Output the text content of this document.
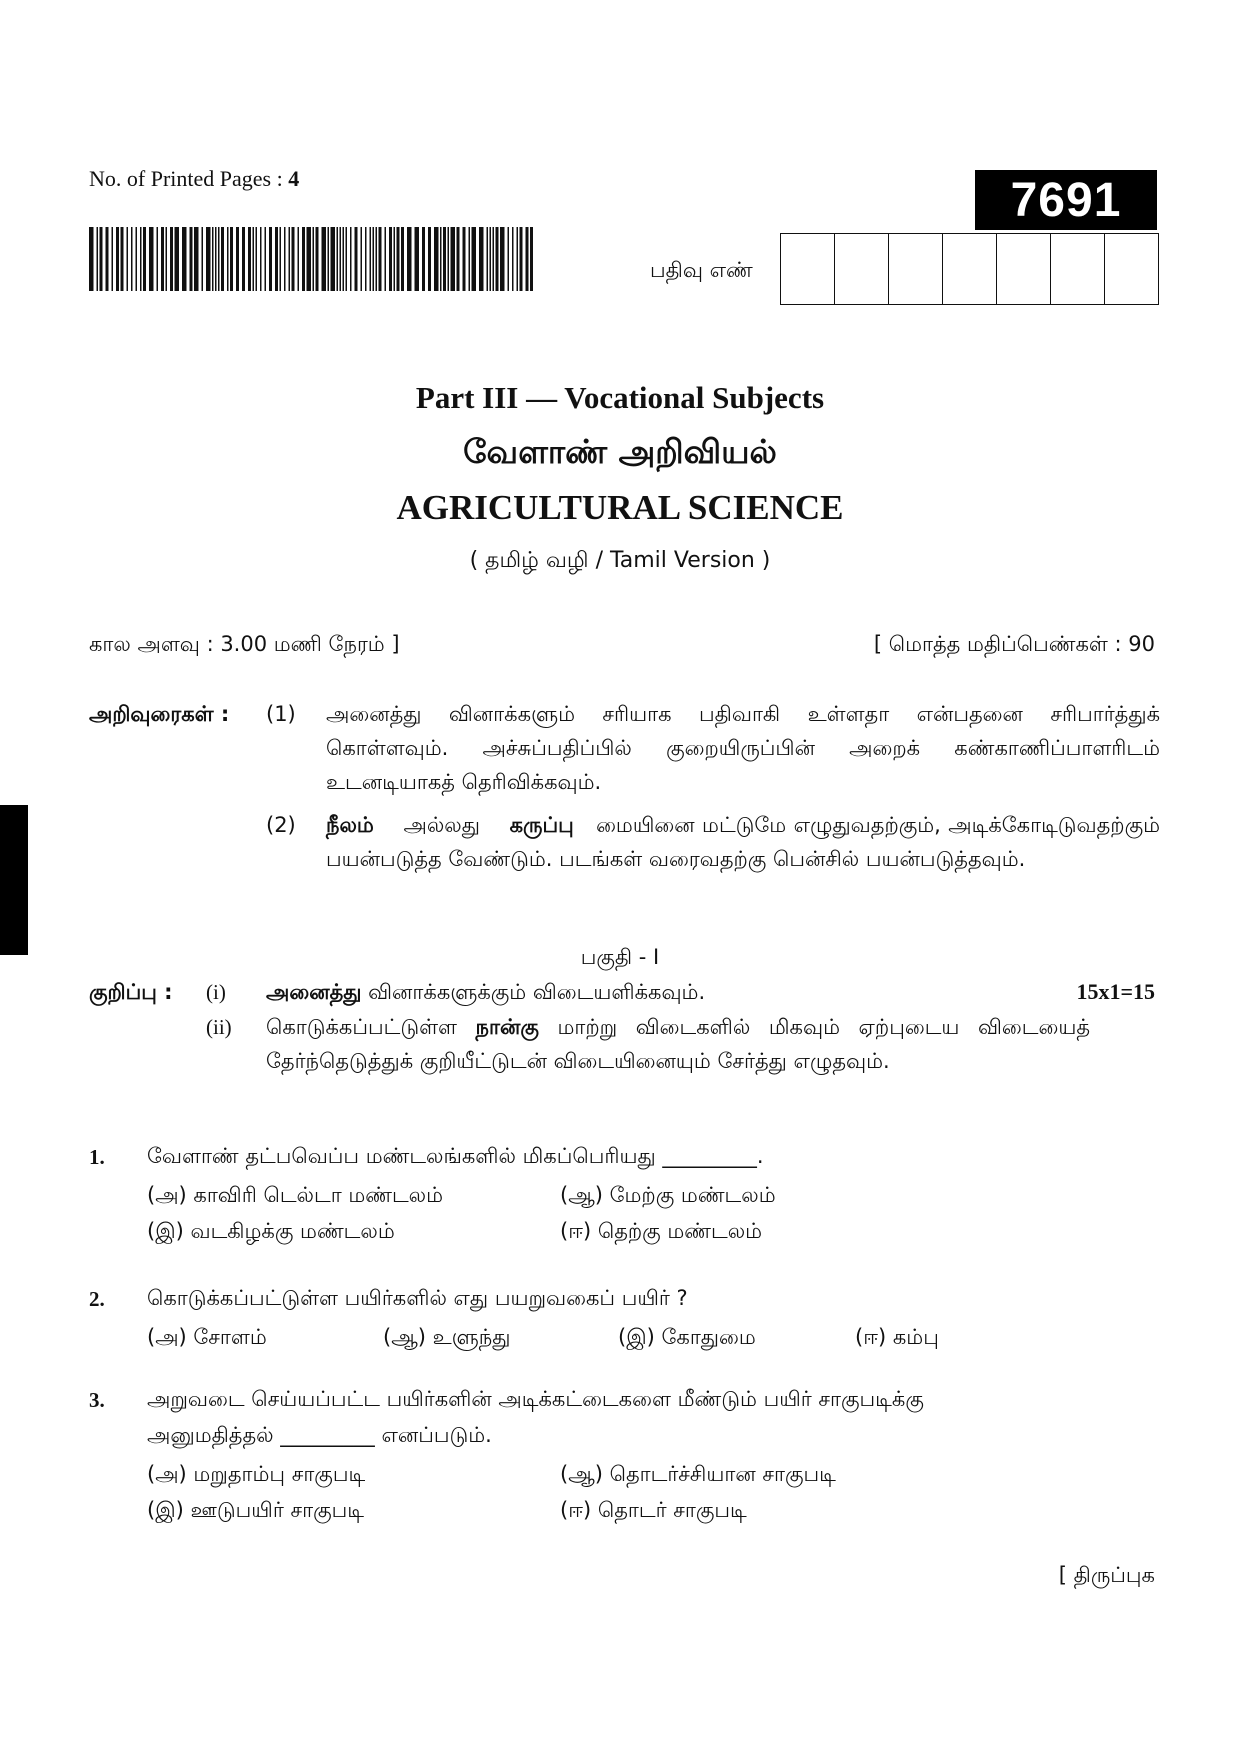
No. of Printed Pages : 4	7691
பதிவு எண்
Part III — Vocational Subjects
வேளாண் அறிவியல்
AGRICULTURAL SCIENCE
( தமிழ் வழி / Tamil Version )
கால அளவு : 3.00 மணி நேரம் ]	[ மொத்த மதிப்பெண்கள் : 90
அறிவுரைகள் : (1) அனைத்து வினாக்களும் சரியாக பதிவாகி உள்ளதா என்பதனை சரிபார்த்துக் கொள்ளவும். அச்சுப்பதிப்பில் குறையிருப்பின் அறைக் கண்காணிப்பாளரிடம் உடனடியாகத் தெரிவிக்கவும்.
(2) நீலம் அல்லது கருப்பு மையினை மட்டுமே எழுதுவதற்கும், அடிக்கோடிடுவதற்கும் பயன்படுத்த வேண்டும். படங்கள் வரைவதற்கு பென்சில் பயன்படுத்தவும்.
பகுதி - I
குறிப்பு : (i) அனைத்து வினாக்களுக்கும் விடையளிக்கவும்.	15x1=15
(ii) கொடுக்கப்பட்டுள்ள நான்கு மாற்று விடைகளில் மிகவும் ஏற்புடைய விடையைத் தேர்ந்தெடுத்துக் குறியீட்டுடன் விடையினையும் சேர்த்து எழுதவும்.
1. வேளாண் தட்பவெப்ப மண்டலங்களில் மிகப்பெரியது _________.
(அ) காவிரி டெல்டா மண்டலம்	(ஆ) மேற்கு மண்டலம்
(இ) வடகிழக்கு மண்டலம்	(ஈ) தெற்கு மண்டலம்
2. கொடுக்கப்பட்டுள்ள பயிர்களில் எது பயறுவகைப் பயிர் ?
(அ) சோளம்	(ஆ) உளுந்து	(இ) கோதுமை	(ஈ) கம்பு
3. அறுவடை செய்யப்பட்ட பயிர்களின் அடிக்கட்டைகளை மீண்டும் பயிர் சாகுபடிக்கு
அனுமதித்தல் _________ எனப்படும்.
(அ) மறுதாம்பு சாகுபடி	(ஆ) தொடர்ச்சியான சாகுபடி
(இ) ஊடுபயிர் சாகுபடி	(ஈ) தொடர் சாகுபடி
[ திருப்புக
